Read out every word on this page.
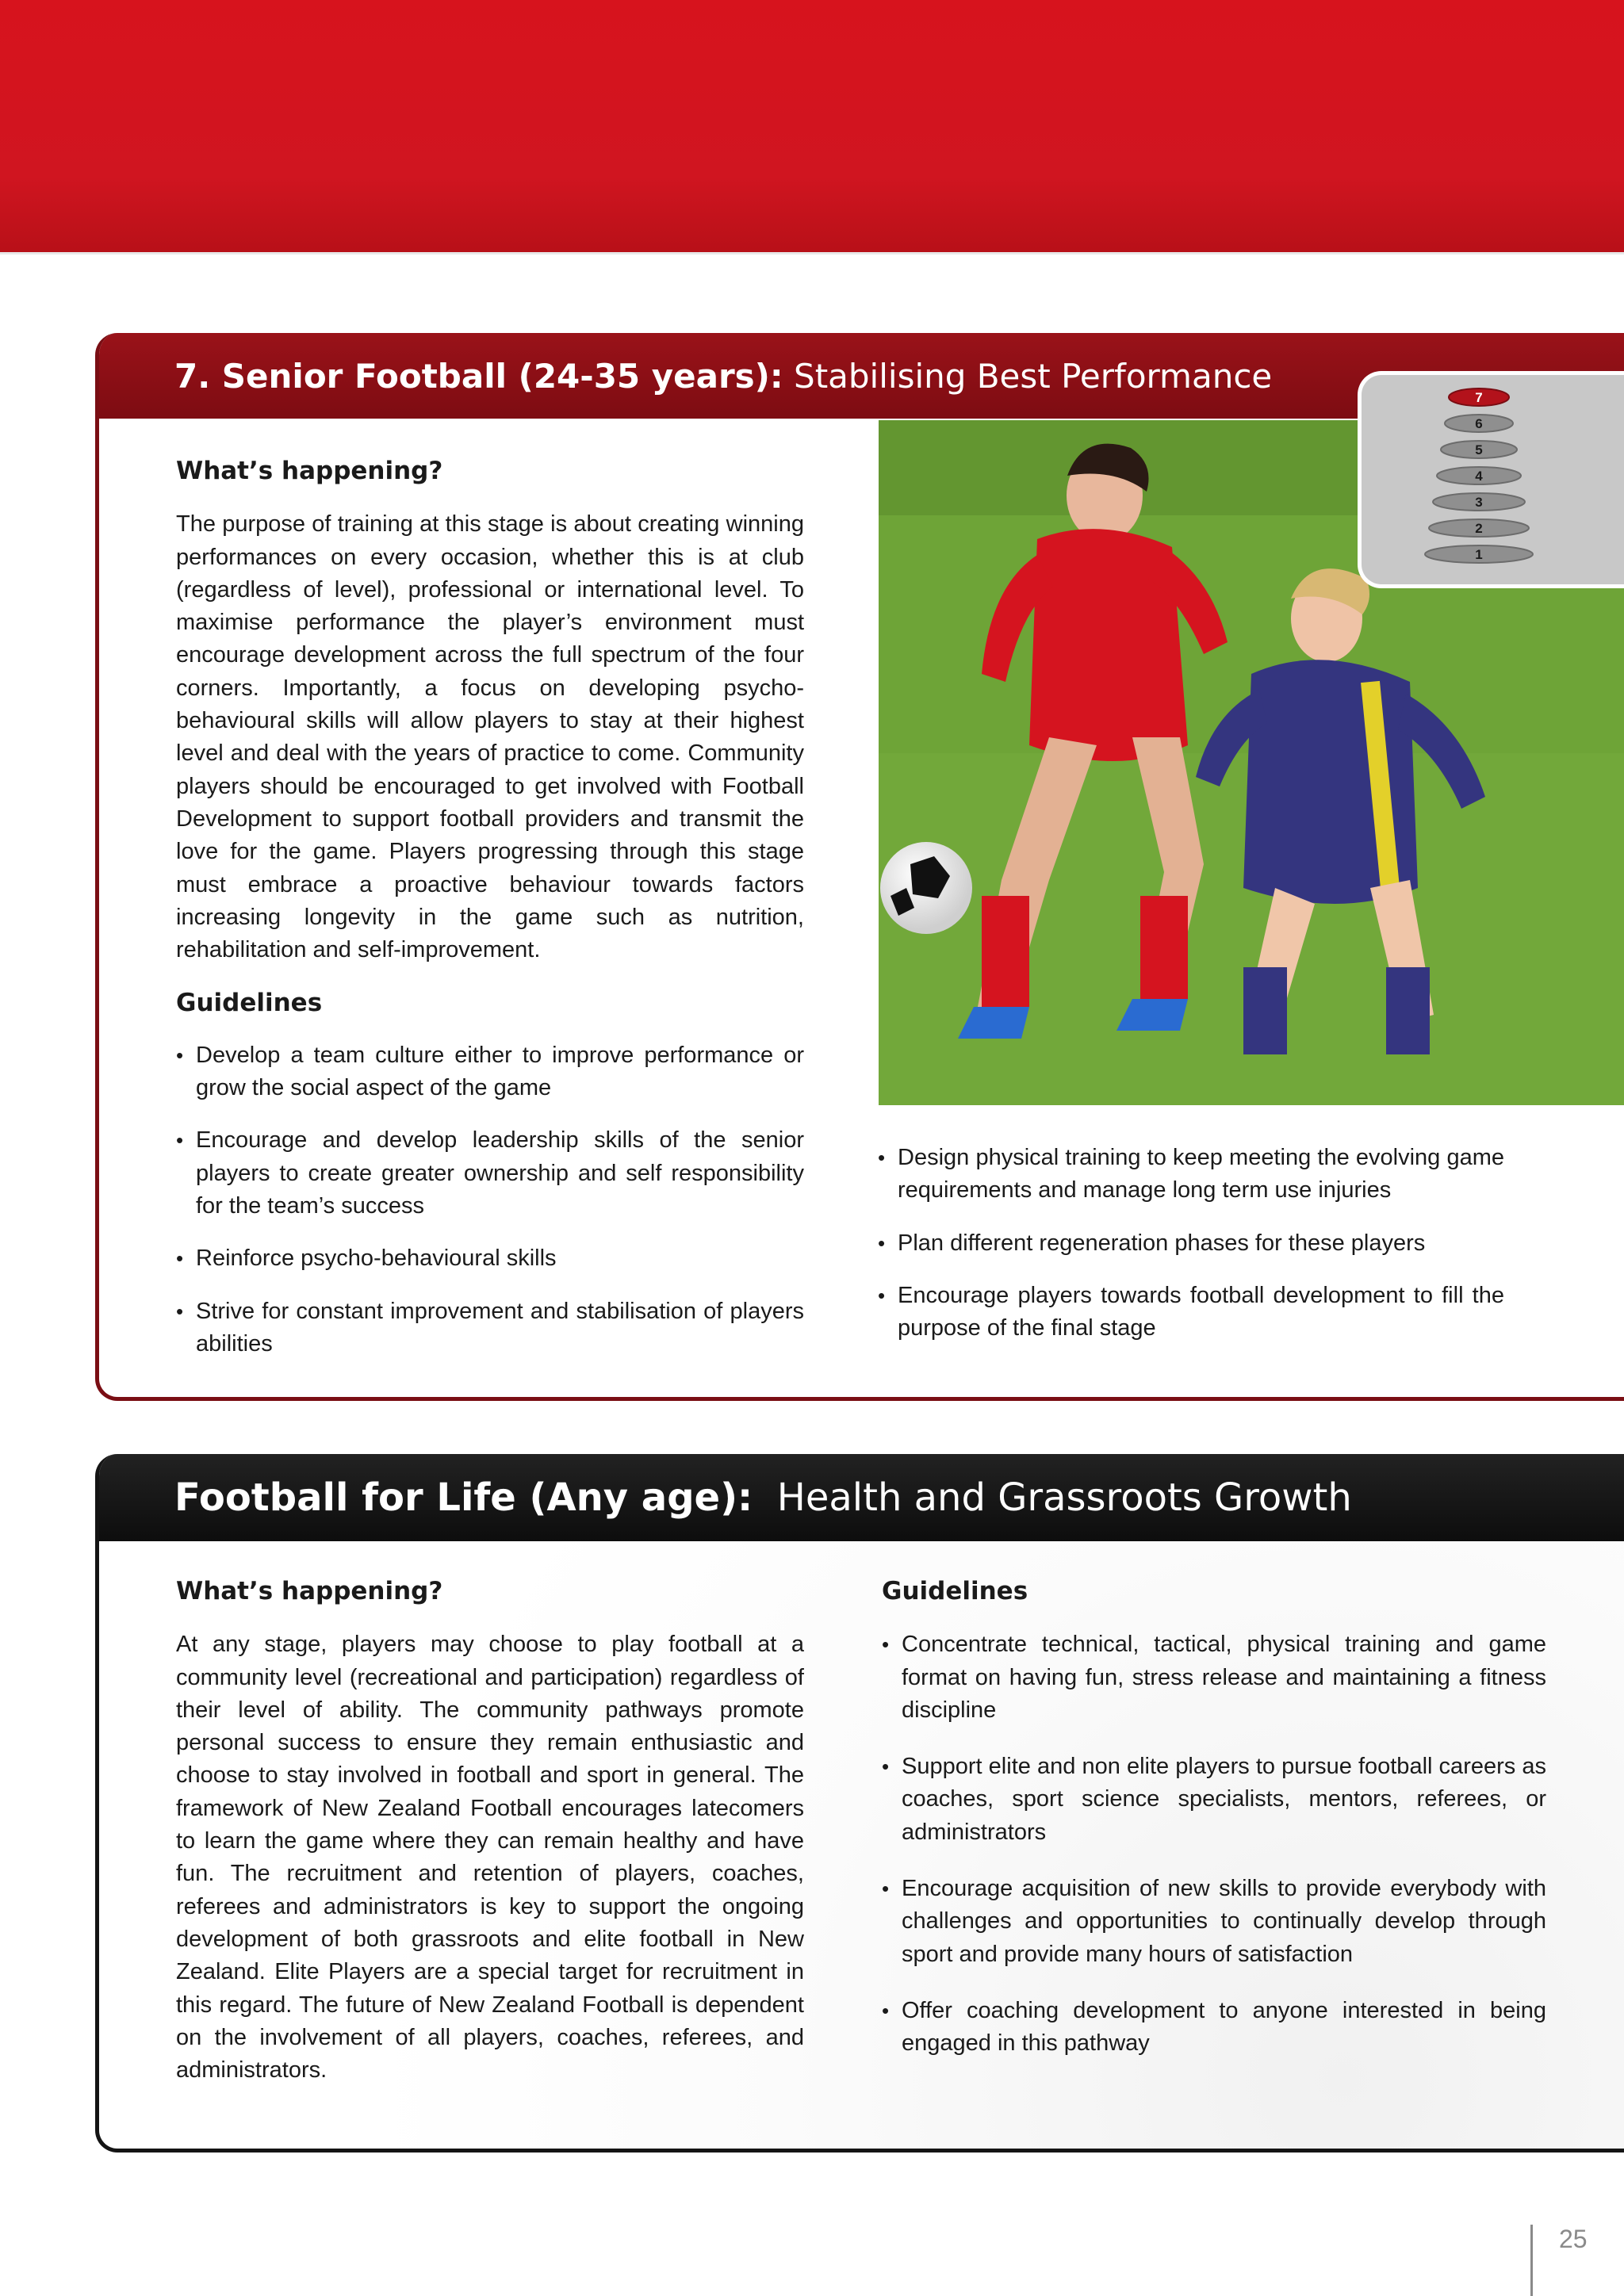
7. Senior Football (24-35 years): Stabilising Best Performance
7
6
5
4
3
2
1
What’s happening?

The purpose of training at this stage is about creating winning performances on every occasion, whether this is at club (regardless of level), professional or international level. To maximise performance the player’s environment must encourage development across the full spectrum of the four corners. Importantly, a focus on developing psycho-behavioural skills will allow players to stay at their highest level and deal with the years of practice to come. Community players should be encouraged to get involved with Football Development to support football providers and transmit the love for the game. Players progressing through this stage must embrace a proactive behaviour towards factors increasing longevity in the game such as nutrition, rehabilitation and self-improvement.

Guidelines
• Develop a team culture either to improve performance or grow the social aspect of the game
• Encourage and develop leadership skills of the senior players to create greater ownership and self responsibility for the team’s success
• Reinforce psycho-behavioural skills
• Strive for constant improvement and stabilisation of players abilities
• Design physical training to keep meeting the evolving game requirements and manage long term use injuries
• Plan different regeneration phases for these players
• Encourage players towards football development to fill the purpose of the final stage
Football for Life (Any age): Health and Grassroots Growth
What’s happening?

At any stage, players may choose to play football at a community level (recreational and participation) regardless of their level of ability. The community pathways promote personal success to ensure they remain enthusiastic and choose to stay involved in football and sport in general. The framework of New Zealand Football encourages latecomers to learn the game where they can remain healthy and have fun. The recruitment and retention of players, coaches, referees and administrators is key to support the ongoing development of both grassroots and elite football in New Zealand. Elite Players are a special target for recruitment in this regard. The future of New Zealand Football is dependent on the involvement of all players, coaches, referees, and administrators.

Guidelines
• Concentrate technical, tactical, physical training and game format on having fun, stress release and maintaining a fitness discipline
• Support elite and non elite players to pursue football careers as coaches, sport science specialists, mentors, referees, or administrators
• Encourage acquisition of new skills to provide everybody with challenges and opportunities to continually develop through sport and provide many hours of satisfaction
• Offer coaching development to anyone interested in being engaged in this pathway
25
